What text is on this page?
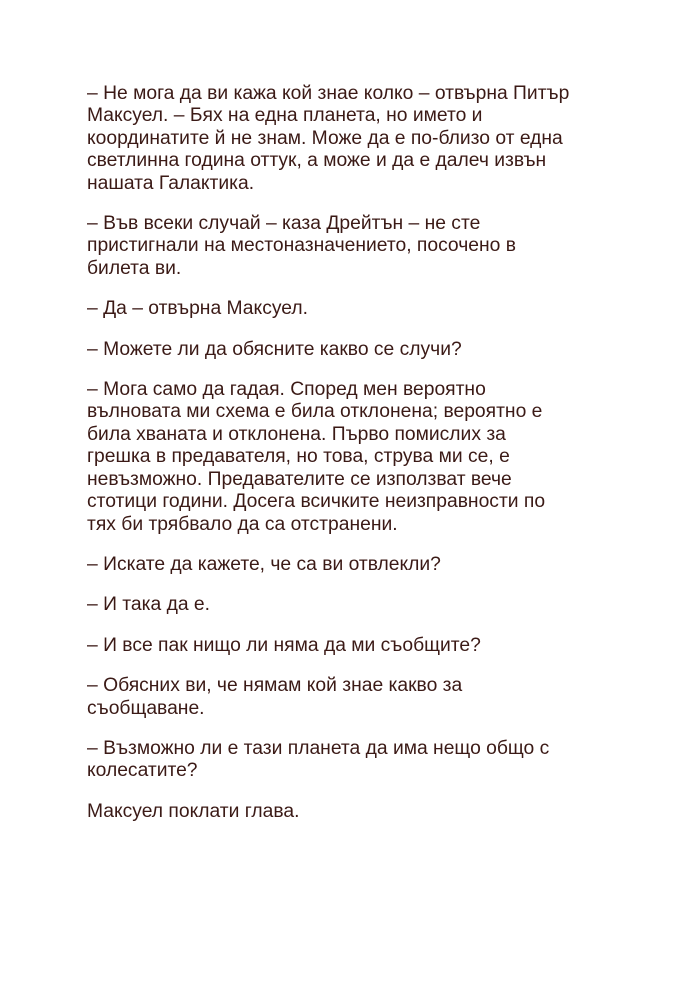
– Не мога да ви кажа кой знае колко – отвърна Питър
Максуел. – Бях на една планета, но името и
координатите й не знам. Може да е по-близо от една
светлинна година оттук, а може и да е далеч извън
нашата Галактика.

– Във всеки случай – каза Дрейтън – не сте
пристигнали на местоназначението, посочено в
билета ви.

– Да – отвърна Максуел.

– Можете ли да обясните какво се случи?

– Мога само да гадая. Според мен вероятно
вълновата ми схема е била отклонена; вероятно е
била хваната и отклонена. Първо помислих за
грешка в предавателя, но това, струва ми се, е
невъзможно. Предавателите се използват вече
стотици години. Досега всичките неизправности по
тях би трябвало да са отстранени.

– Искате да кажете, че са ви отвлекли?

– И така да е.

– И все пак нищо ли няма да ми съобщите?

– Обясних ви, че нямам кой знае какво за
съобщаване.

– Възможно ли е тази планета да има нещо общо с
колесатите?

Максуел поклати глава.
